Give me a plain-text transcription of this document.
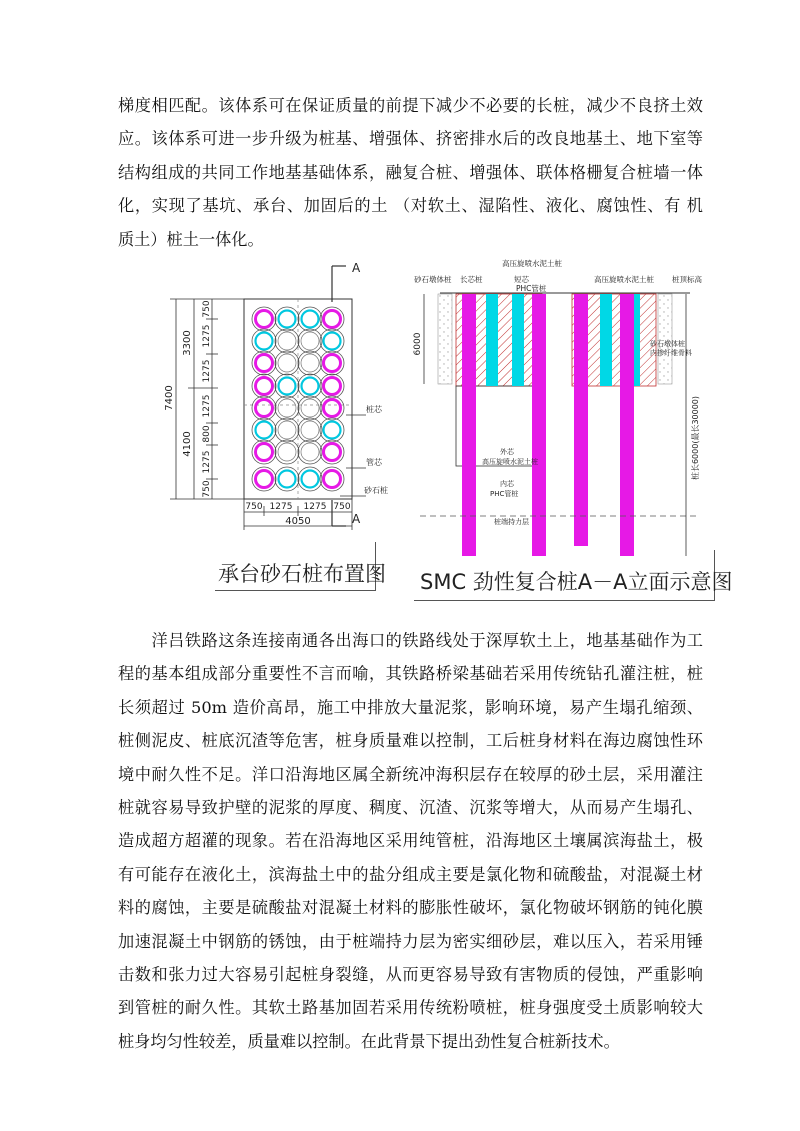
梯度相匹配。该体系可在保证质量的前提下减少不必要的长桩，减少不良挤土效
应。该体系可进一步升级为桩基、增强体、挤密排水后的改良地基土、地下室等
结构组成的共同工作地基基础体系，融复合桩、增强体、联体格栅复合桩墙一体
化，实现了基坑、承台、加固后的土 （对软土、湿陷性、液化、腐蚀性、有 机
质土）桩土一体化。
A
A
7400
3300
4100
750
1275
1275
1275
800
1275
750
750 1275 1275 750
4050
桩芯
管芯
砂石桩
承台砂石桩布置图
6000
桩长6000(最长30000)
砂石墩体桩 长芯桩
高压旋喷水泥土桩
短芯
PHC管桩
高压旋喷水泥土桩 桩顶标高
砂石墩体桩 内掺纤维骨料
外芯
高压旋喷水泥土桩
内芯
PHC管桩
桩端持力层
SMC 劲性复合桩A－A立面示意图
　　洋吕铁路这条连接南通各出海口的铁路线处于深厚软土上，地基基础作为工
程的基本组成部分重要性不言而喻，其铁路桥梁基础若采用传统钻孔灌注桩，桩
长须超过 50m 造价高昂，施工中排放大量泥浆，影响环境，易产生塌孔缩颈、
桩侧泥皮、桩底沉渣等危害，桩身质量难以控制，工后桩身材料在海边腐蚀性环
境中耐久性不足。洋口沿海地区属全新统冲海积层存在较厚的砂土层，采用灌注
桩就容易导致护壁的泥浆的厚度、稠度、沉渣、沉浆等增大，从而易产生塌孔、
造成超方超灌的现象。若在沿海地区采用纯管桩，沿海地区土壤属滨海盐土，极
有可能存在液化土，滨海盐土中的盐分组成主要是氯化物和硫酸盐，对混凝土材
料的腐蚀，主要是硫酸盐对混凝土材料的膨胀性破坏，氯化物破坏钢筋的钝化膜
加速混凝土中钢筋的锈蚀，由于桩端持力层为密实细砂层，难以压入，若采用锤
击数和张力过大容易引起桩身裂缝，从而更容易导致有害物质的侵蚀，严重影响
到管桩的耐久性。其软土路基加固若采用传统粉喷桩，桩身强度受土质影响较大
桩身均匀性较差，质量难以控制。在此背景下提出劲性复合桩新技术。
